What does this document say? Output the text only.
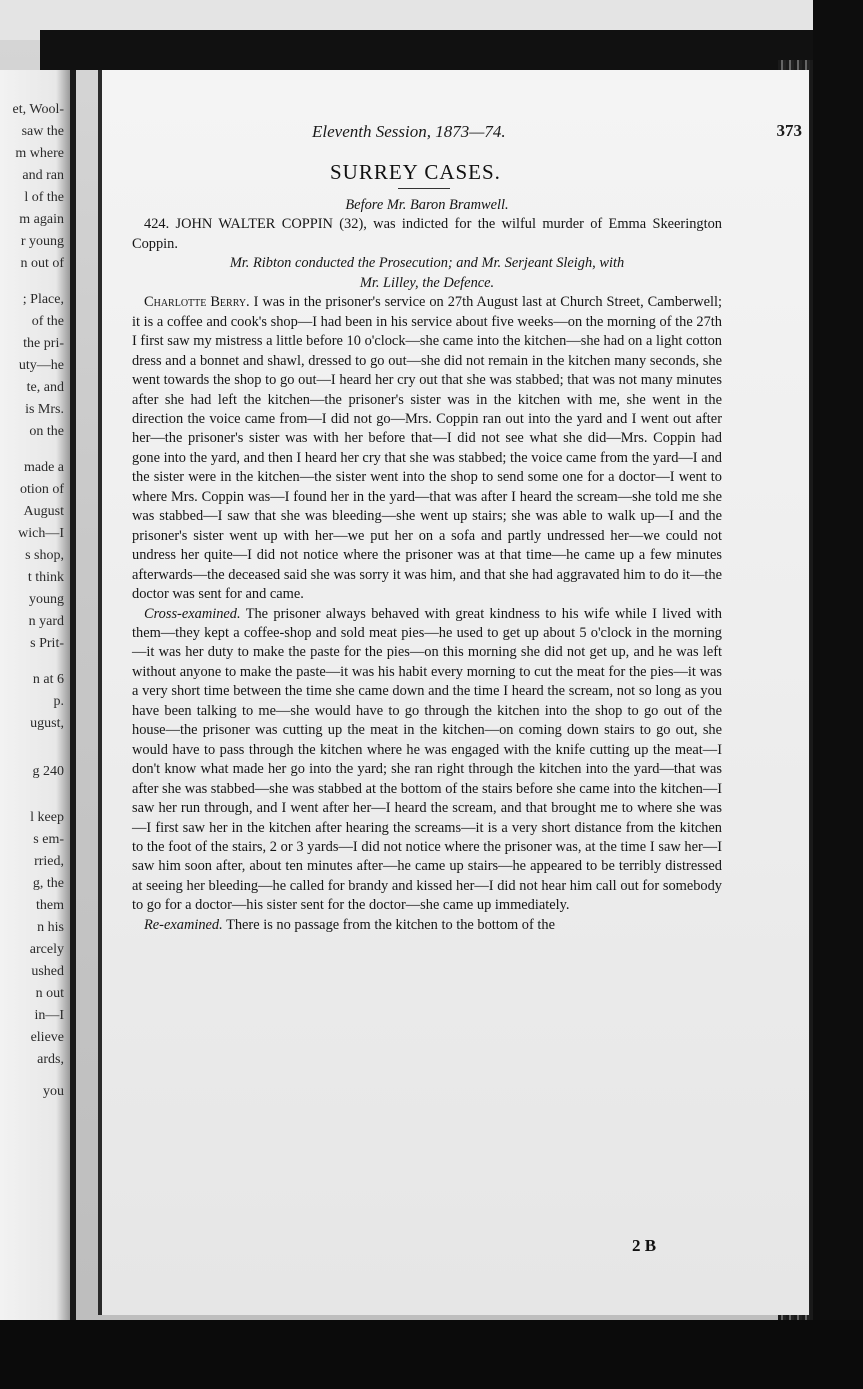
et, Wool-
saw the
m where
and ran
l of the
m again
r young
n out of
; Place,
of the
the pri-
uty—he
te, and
is Mrs.
on the
made a
otion of
August
wich—I
s shop,
t think
young
n yard
s Prit-
n at 6
p.
ugust,
g 240
l keep
s em-
rried,
g, the
them
n his
arcely
ushed
n out
in—I
elieve
ards,
you
Eleventh Session, 1873—74.	373
SURREY CASES.

Before Mr. Baron Bramwell.

424. JOHN WALTER COPPIN (32), was indicted for the wilful murder of Emma Skeerington Coppin.

Mr. Ribton conducted the Prosecution; and Mr. Serjeant Sleigh, with

Mr. Lilley, the Defence.

Charlotte Berry. I was in the prisoner's service on 27th August last at Church Street, Camberwell; it is a coffee and cook's shop—I had been in his service about five weeks—on the morning of the 27th I first saw my mistress a little before 10 o'clock—she came into the kitchen—she had on a light cotton dress and a bonnet and shawl, dressed to go out—she did not remain in the kitchen many seconds, she went towards the shop to go out—I heard her cry out that she was stabbed; that was not many minutes after she had left the kitchen—the prisoner's sister was in the kitchen with me, she went in the direction the voice came from—I did not go—Mrs. Coppin ran out into the yard and I went out after her—the prisoner's sister was with her before that—I did not see what she did—Mrs. Coppin had gone into the yard, and then I heard her cry that she was stabbed; the voice came from the yard—I and the sister were in the kitchen—the sister went into the shop to send some one for a doctor—I went to where Mrs. Coppin was—I found her in the yard—that was after I heard the scream—she told me she was stabbed—I saw that she was bleeding—she went up stairs; she was able to walk up—I and the prisoner's sister went up with her—we put her on a sofa and partly undressed her—we could not undress her quite—I did not notice where the prisoner was at that time—he came up a few minutes afterwards—the deceased said she was sorry it was him, and that she had aggravated him to do it—the doctor was sent for and came.

Cross-examined. The prisoner always behaved with great kindness to his wife while I lived with them—they kept a coffee-shop and sold meat pies—he used to get up about 5 o'clock in the morning—it was her duty to make the paste for the pies—on this morning she did not get up, and he was left without anyone to make the paste—it was his habit every morning to cut the meat for the pies—it was a very short time between the time she came down and the time I heard the scream, not so long as you have been talking to me—she would have to go through the kitchen into the shop to go out of the house—the prisoner was cutting up the meat in the kitchen—on coming down stairs to go out, she would have to pass through the kitchen where he was engaged with the knife cutting up the meat—I don't know what made her go into the yard; she ran right through the kitchen into the yard—that was after she was stabbed—she was stabbed at the bottom of the stairs before she came into the kitchen—I saw her run through, and I went after her—I heard the scream, and that brought me to where she was—I first saw her in the kitchen after hearing the screams—it is a very short distance from the kitchen to the foot of the stairs, 2 or 3 yards—I did not notice where the prisoner was, at the time I saw her—I saw him soon after, about ten minutes after—he came up stairs—he appeared to be terribly distressed at seeing her bleeding—he called for brandy and kissed her—I did not hear him call out for somebody to go for a doctor—his sister sent for the doctor—she came up immediately.

Re-examined. There is no passage from the kitchen to the bottom of the

2 B
